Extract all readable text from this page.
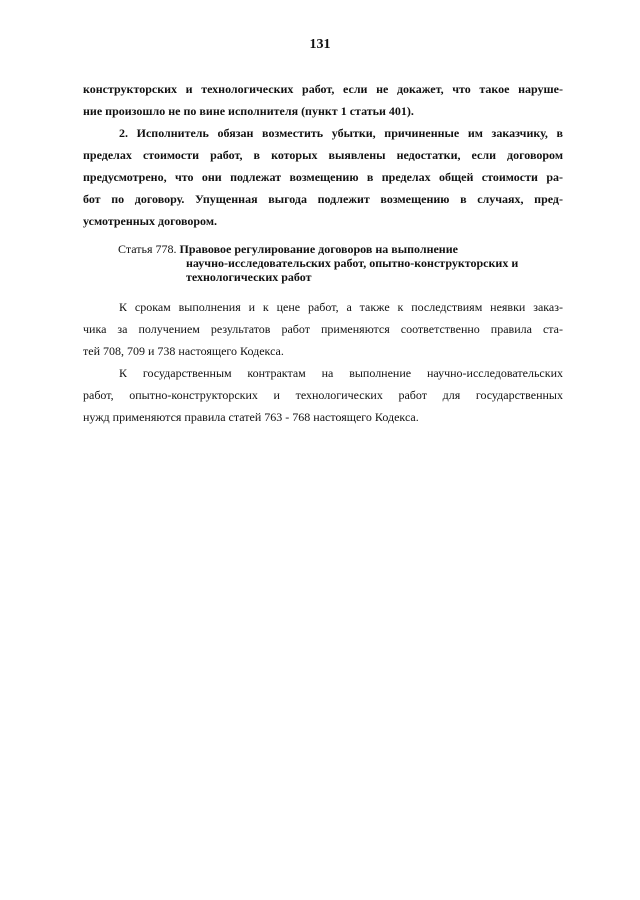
131
конструкторских и технологических работ, если не докажет, что такое наруше-
ние произошло не по вине исполнителя (пункт 1 статьи 401).
2. Исполнитель обязан возместить убытки, причиненные им заказчику, в
пределах стоимости работ, в которых выявлены недостатки, если договором
предусмотрено, что они подлежат возмещению в пределах общей стоимости ра-
бот по договору. Упущенная выгода подлежит возмещению в случаях, пред-
усмотренных договором.
Статья 778. Правовое регулирование договоров на выполнение
научно-исследовательских работ, опытно-конструкторских и
технологических работ
К срокам выполнения и к цене работ, а также к последствиям неявки заказ-
чика за получением результатов работ применяются соответственно правила ста-
тей 708, 709 и 738 настоящего Кодекса.
К государственным контрактам на выполнение научно-исследовательских
работ, опытно-конструкторских и технологических работ для государственных
нужд применяются правила статей 763 - 768 настоящего Кодекса.
